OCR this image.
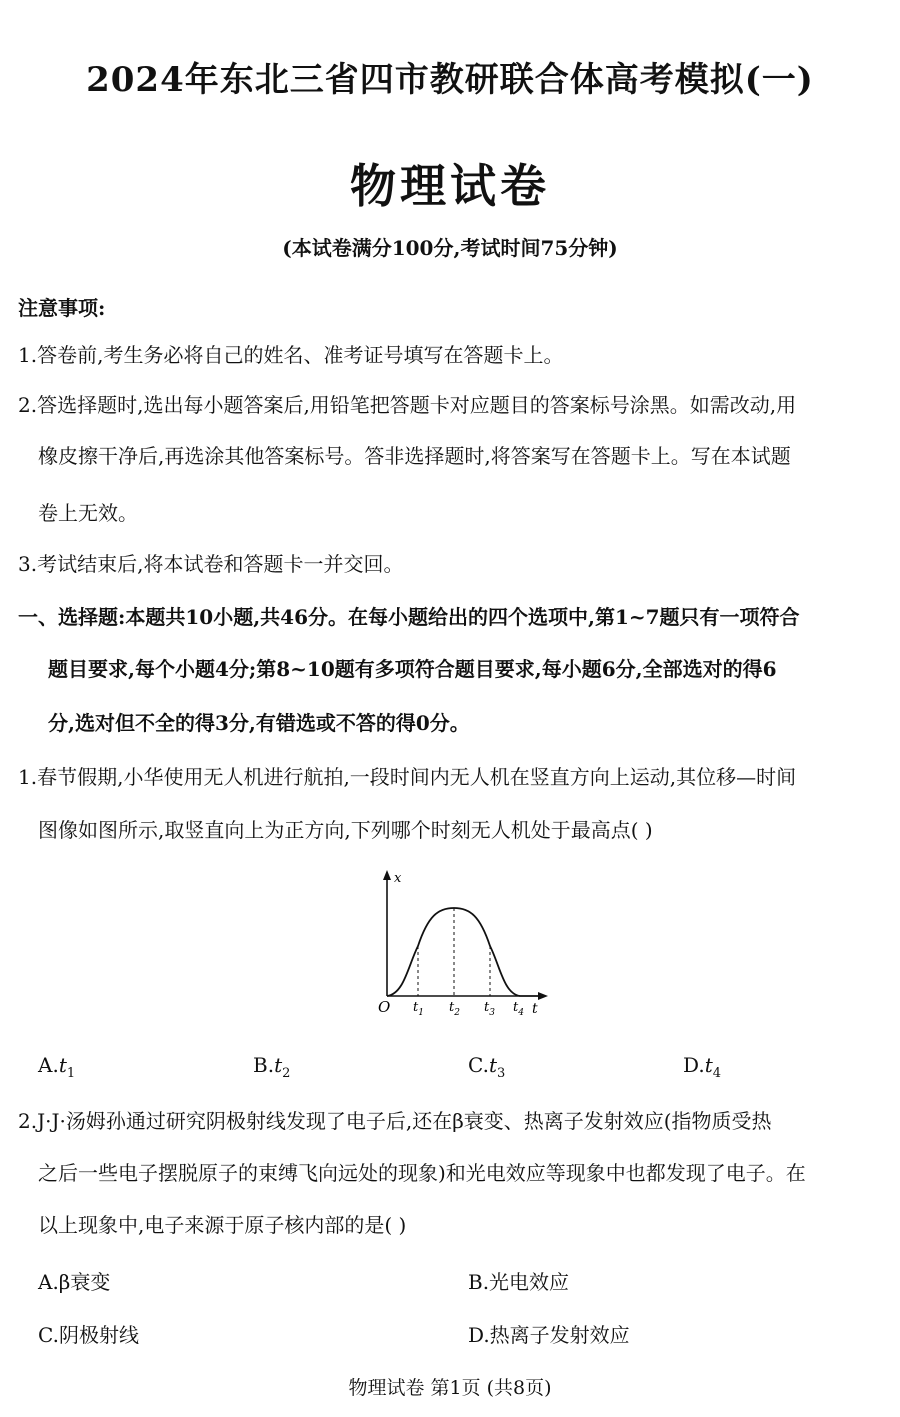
2024年东北三省四市教研联合体高考模拟(一)
物理试卷
(本试卷满分100分,考试时间75分钟)
注意事项:
1.答卷前,考生务必将自己的姓名、准考证号填写在答题卡上。
2.答选择题时,选出每小题答案后,用铅笔把答题卡对应题目的答案标号涂黑。如需改动,用
橡皮擦干净后,再选涂其他答案标号。答非选择题时,将答案写在答题卡上。写在本试题
卷上无效。
3.考试结束后,将本试卷和答题卡一并交回。
一、选择题:本题共10小题,共46分。在每小题给出的四个选项中,第1~7题只有一项符合
题目要求,每个小题4分;第8~10题有多项符合题目要求,每小题6分,全部选对的得6
分,选对但不全的得3分,有错选或不答的得0分。
1.春节假期,小华使用无人机进行航拍,一段时间内无人机在竖直方向上运动,其位移—时间
图像如图所示,取竖直向上为正方向,下列哪个时刻无人机处于最高点( )
x
O	t
$t_1$ $t_2$ $t_3$ $t_4$
$A.t_1$	$B.t_2$	$C.t_3$	$D.t_4$
2.J·J·汤姆孙通过研究阴极射线发现了电子后,还在β衰变、热离子发射效应(指物质受热
之后一些电子摆脱原子的束缚飞向远处的现象)和光电效应等现象中也都发现了电子。在
以上现象中,电子来源于原子核内部的是( )
A.β衰变	B.光电效应
C.阴极射线	D.热离子发射效应
物理试卷 第1页 (共8页)
